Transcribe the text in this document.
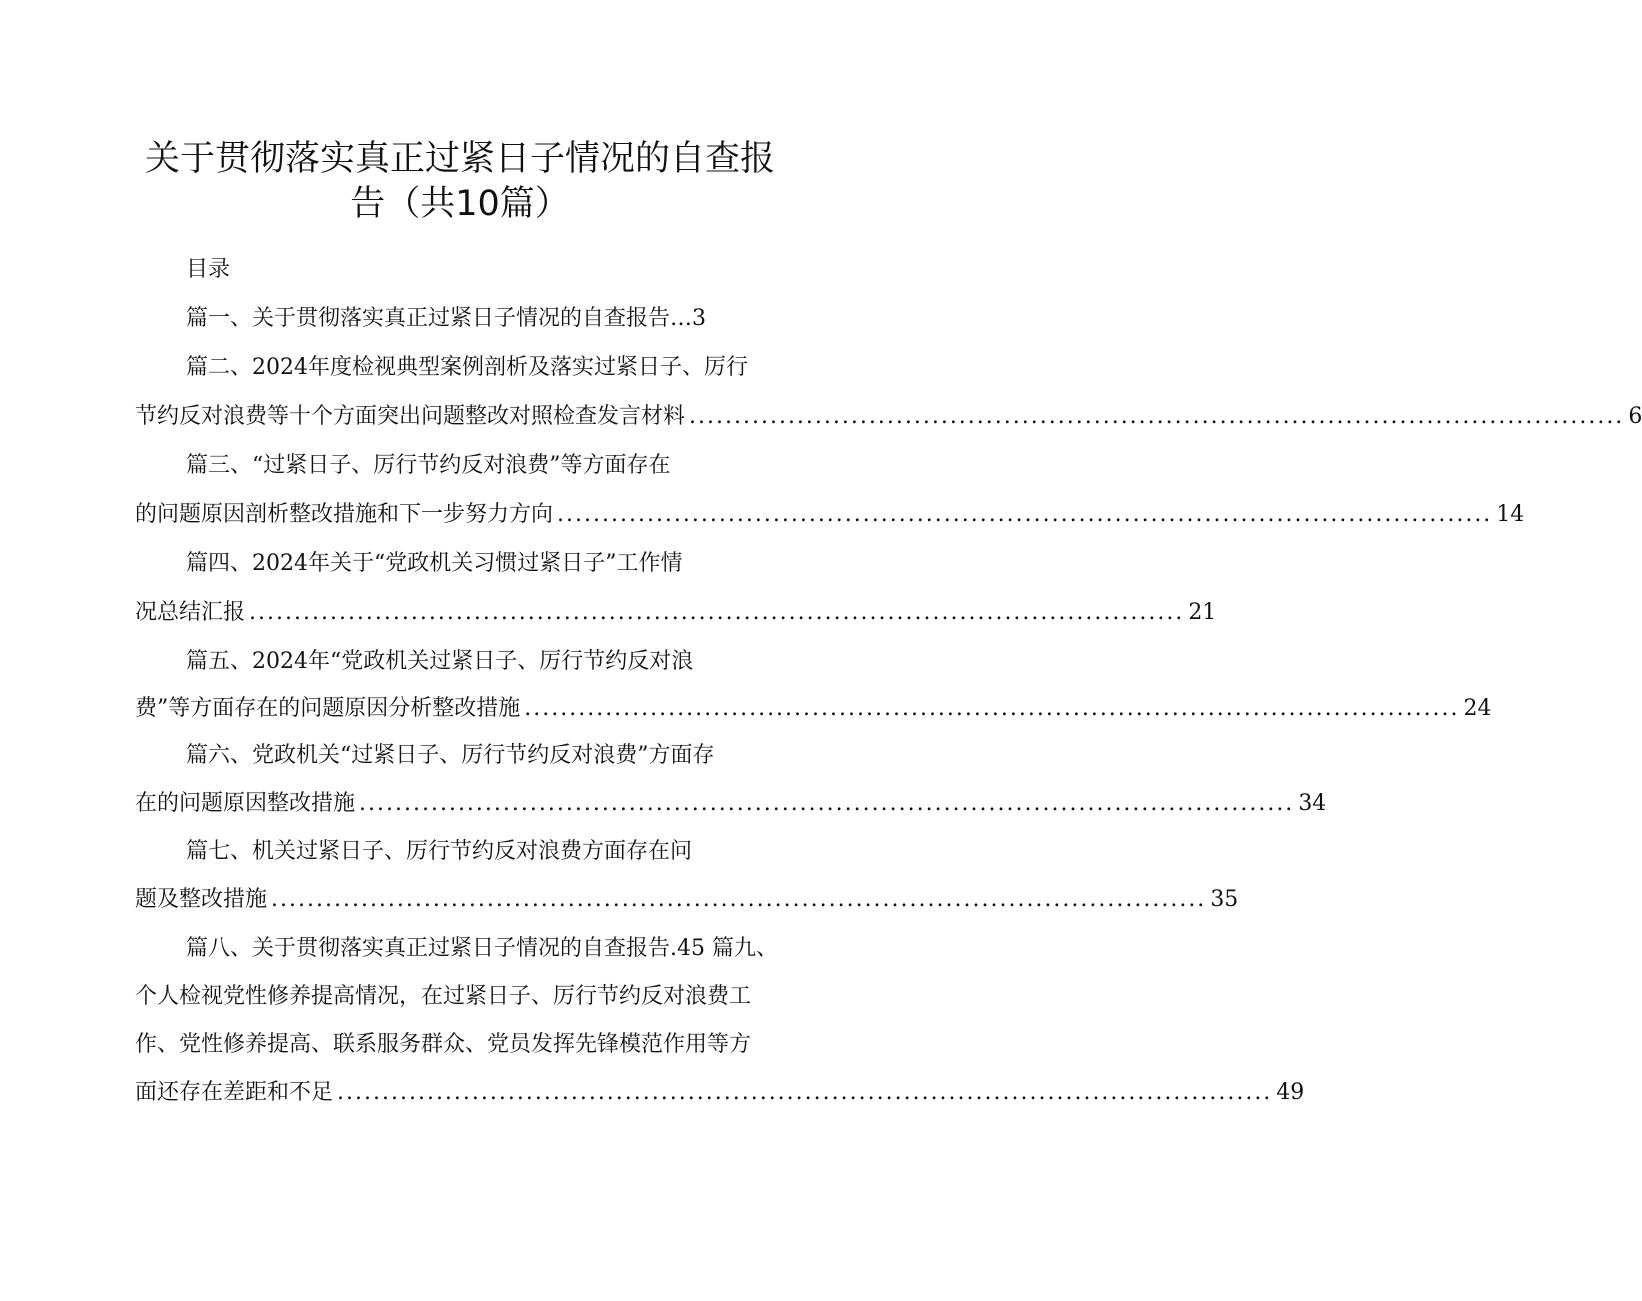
关于贯彻落实真正过紧日子情况的自查报
告（共10篇）
目录
篇一、关于贯彻落实真正过紧日子情况的自查报告…3
篇二、2024年度检视典型案例剖析及落实过紧日子、厉行
节约反对浪费等十个方面突出问题整改对照检查发言材料 ........................................................................................................ 6
篇三、“过紧日子、厉行节约反对浪费”等方面存在
的问题原因剖析整改措施和下一步努力方向 ........................................................................................................ 14
篇四、2024年关于“党政机关习惯过紧日子”工作情
况总结汇报 ........................................................................................................ 21
篇五、2024年“党政机关过紧日子、厉行节约反对浪
费”等方面存在的问题原因分析整改措施 ........................................................................................................ 24
篇六、党政机关“过紧日子、厉行节约反对浪费”方面存
在的问题原因整改措施 ........................................................................................................ 34
篇七、机关过紧日子、厉行节约反对浪费方面存在问
题及整改措施 ........................................................................................................ 35
篇八、关于贯彻落实真正过紧日子情况的自查报告.45 篇九、
个人检视党性修养提高情况，在过紧日子、厉行节约反对浪费工
作、党性修养提高、联系服务群众、党员发挥先锋模范作用等方
面还存在差距和不足 ........................................................................................................ 49
